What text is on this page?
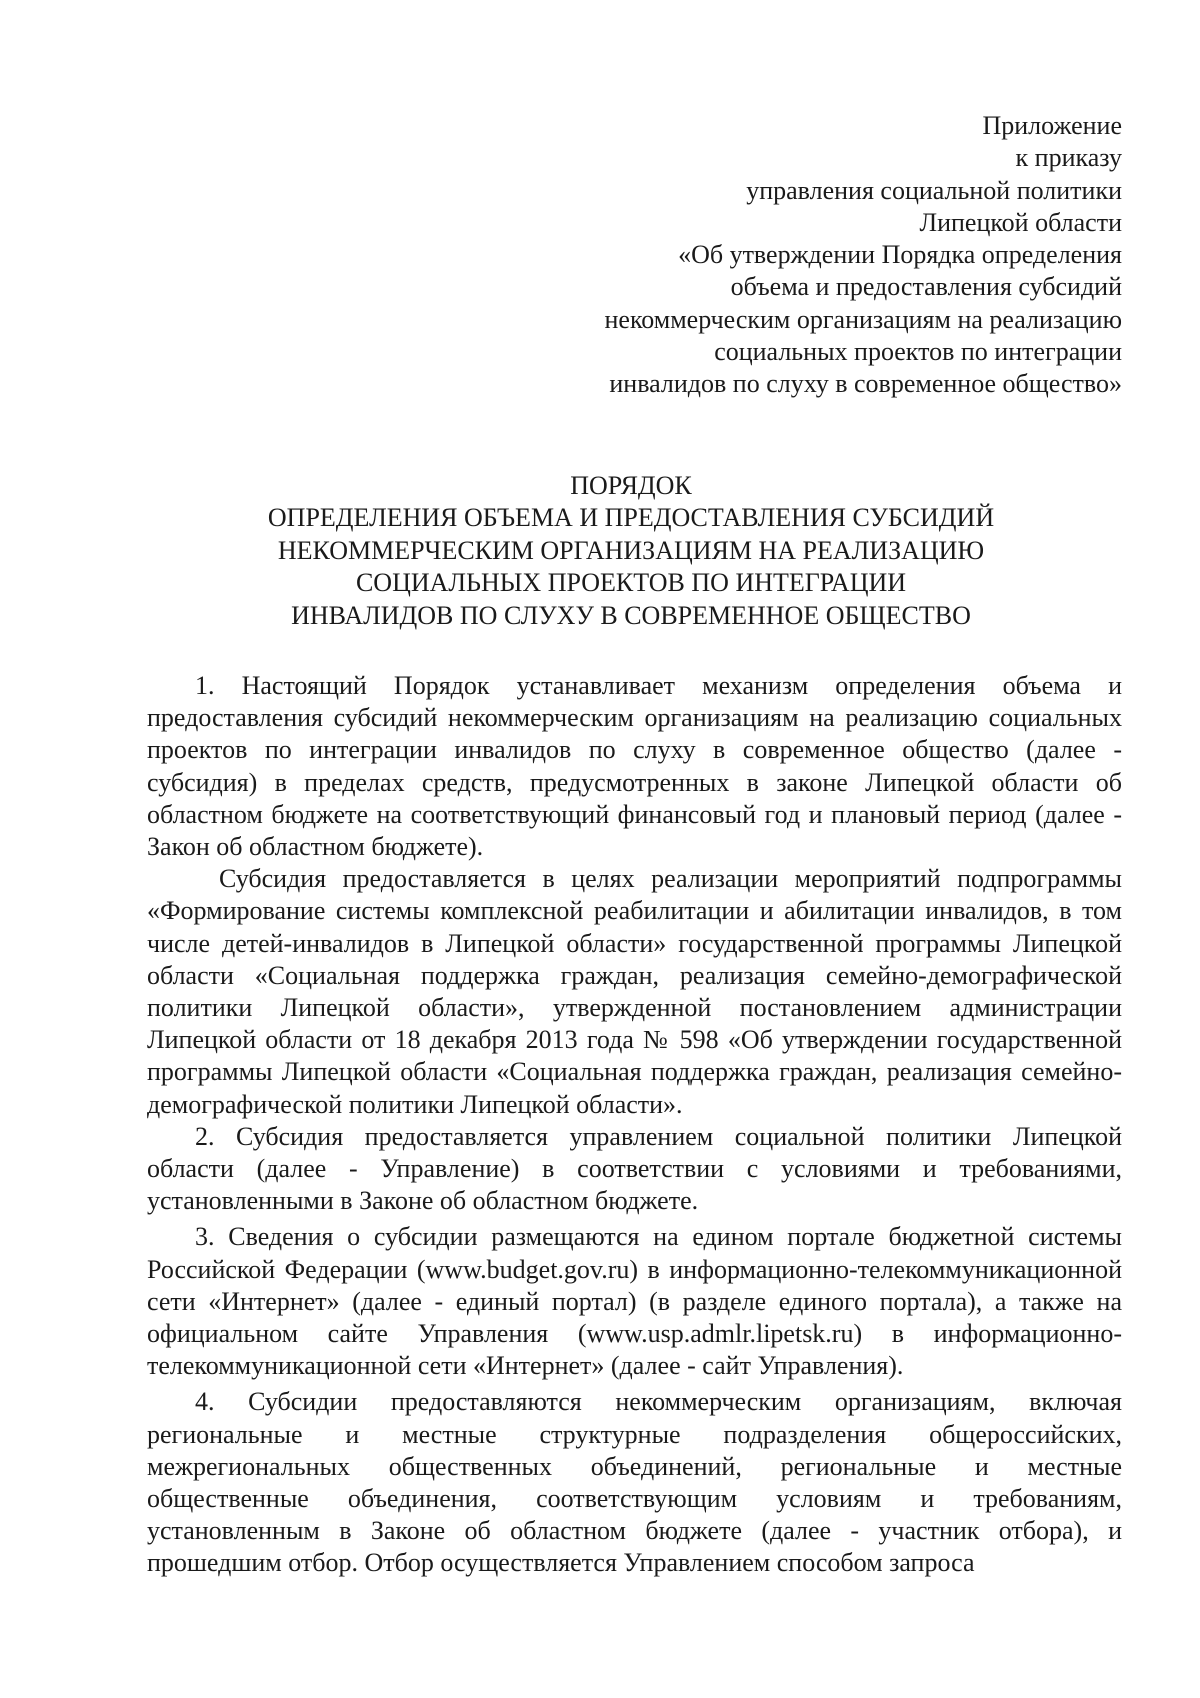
Приложение
к приказу
управления социальной политики
Липецкой области
«Об утверждении Порядка определения
объема и предоставления субсидий
некоммерческим организациям на реализацию
социальных проектов по интеграции
инвалидов по слуху в современное общество»
ПОРЯДОК
ОПРЕДЕЛЕНИЯ ОБЪЕМА И ПРЕДОСТАВЛЕНИЯ СУБСИДИЙ
НЕКОММЕРЧЕСКИМ ОРГАНИЗАЦИЯМ НА РЕАЛИЗАЦИЮ
СОЦИАЛЬНЫХ ПРОЕКТОВ ПО ИНТЕГРАЦИИ
ИНВАЛИДОВ ПО СЛУХУ В СОВРЕМЕННОЕ ОБЩЕСТВО

1. Настоящий Порядок устанавливает механизм определения объема и предоставления субсидий некоммерческим организациям на реализацию социальных проектов по интеграции инвалидов по слуху в современное общество (далее - субсидия) в пределах средств, предусмотренных в законе Липецкой области об областном бюджете на соответствующий финансовый год и плановый период (далее - Закон об областном бюджете).

Субсидия предоставляется в целях реализации мероприятий подпрограммы «Формирование системы комплексной реабилитации и абилитации инвалидов, в том числе детей-инвалидов в Липецкой области» государственной программы Липецкой области «Социальная поддержка граждан, реализация семейно-демографической политики Липецкой области», утвержденной постановлением администрации Липецкой области от 18 декабря 2013 года № 598 «Об утверждении государственной программы Липецкой области «Социальная поддержка граждан, реализация семейно-демографической политики Липецкой области».

2. Субсидия предоставляется управлением социальной политики Липецкой области (далее - Управление) в соответствии с условиями и требованиями, установленными в Законе об областном бюджете.

3. Сведения о субсидии размещаются на едином портале бюджетной системы Российской Федерации (www.budget.gov.ru) в информационно-телекоммуникационной сети «Интернет» (далее - единый портал) (в разделе единого портала), а также на официальном сайте Управления (www.usp.admlr.lipetsk.ru) в информационно-телекоммуникационной сети «Интернет» (далее - сайт Управления).

4. Субсидии предоставляются некоммерческим организациям, включая региональные и местные структурные подразделения общероссийских, межрегиональных общественных объединений, региональные и местные общественные объединения, соответствующим условиям и требованиям, установленным в Законе об областном бюджете (далее - участник отбора), и прошедшим отбор. Отбор осуществляется Управлением способом запроса
